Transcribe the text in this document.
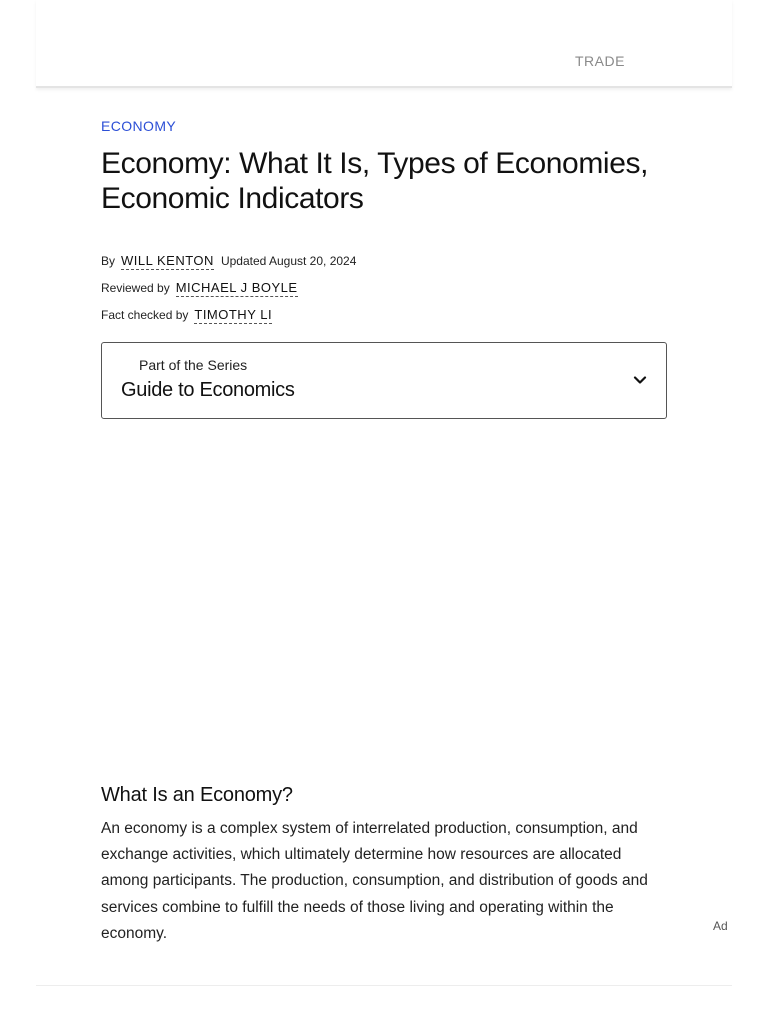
TRADE
ECONOMY
Economy: What It Is, Types of Economies, Economic Indicators
By WILL KENTON Updated August 20, 2024
Reviewed by MICHAEL J BOYLE
Fact checked by TIMOTHY LI
Part of the Series
Guide to Economics
What Is an Economy?

An economy is a complex system of interrelated production, consumption, and exchange activities, which ultimately determine how resources are allocated among participants. The production, consumption, and distribution of goods and services combine to fulfill the needs of those living and operating within the economy.	Ad
